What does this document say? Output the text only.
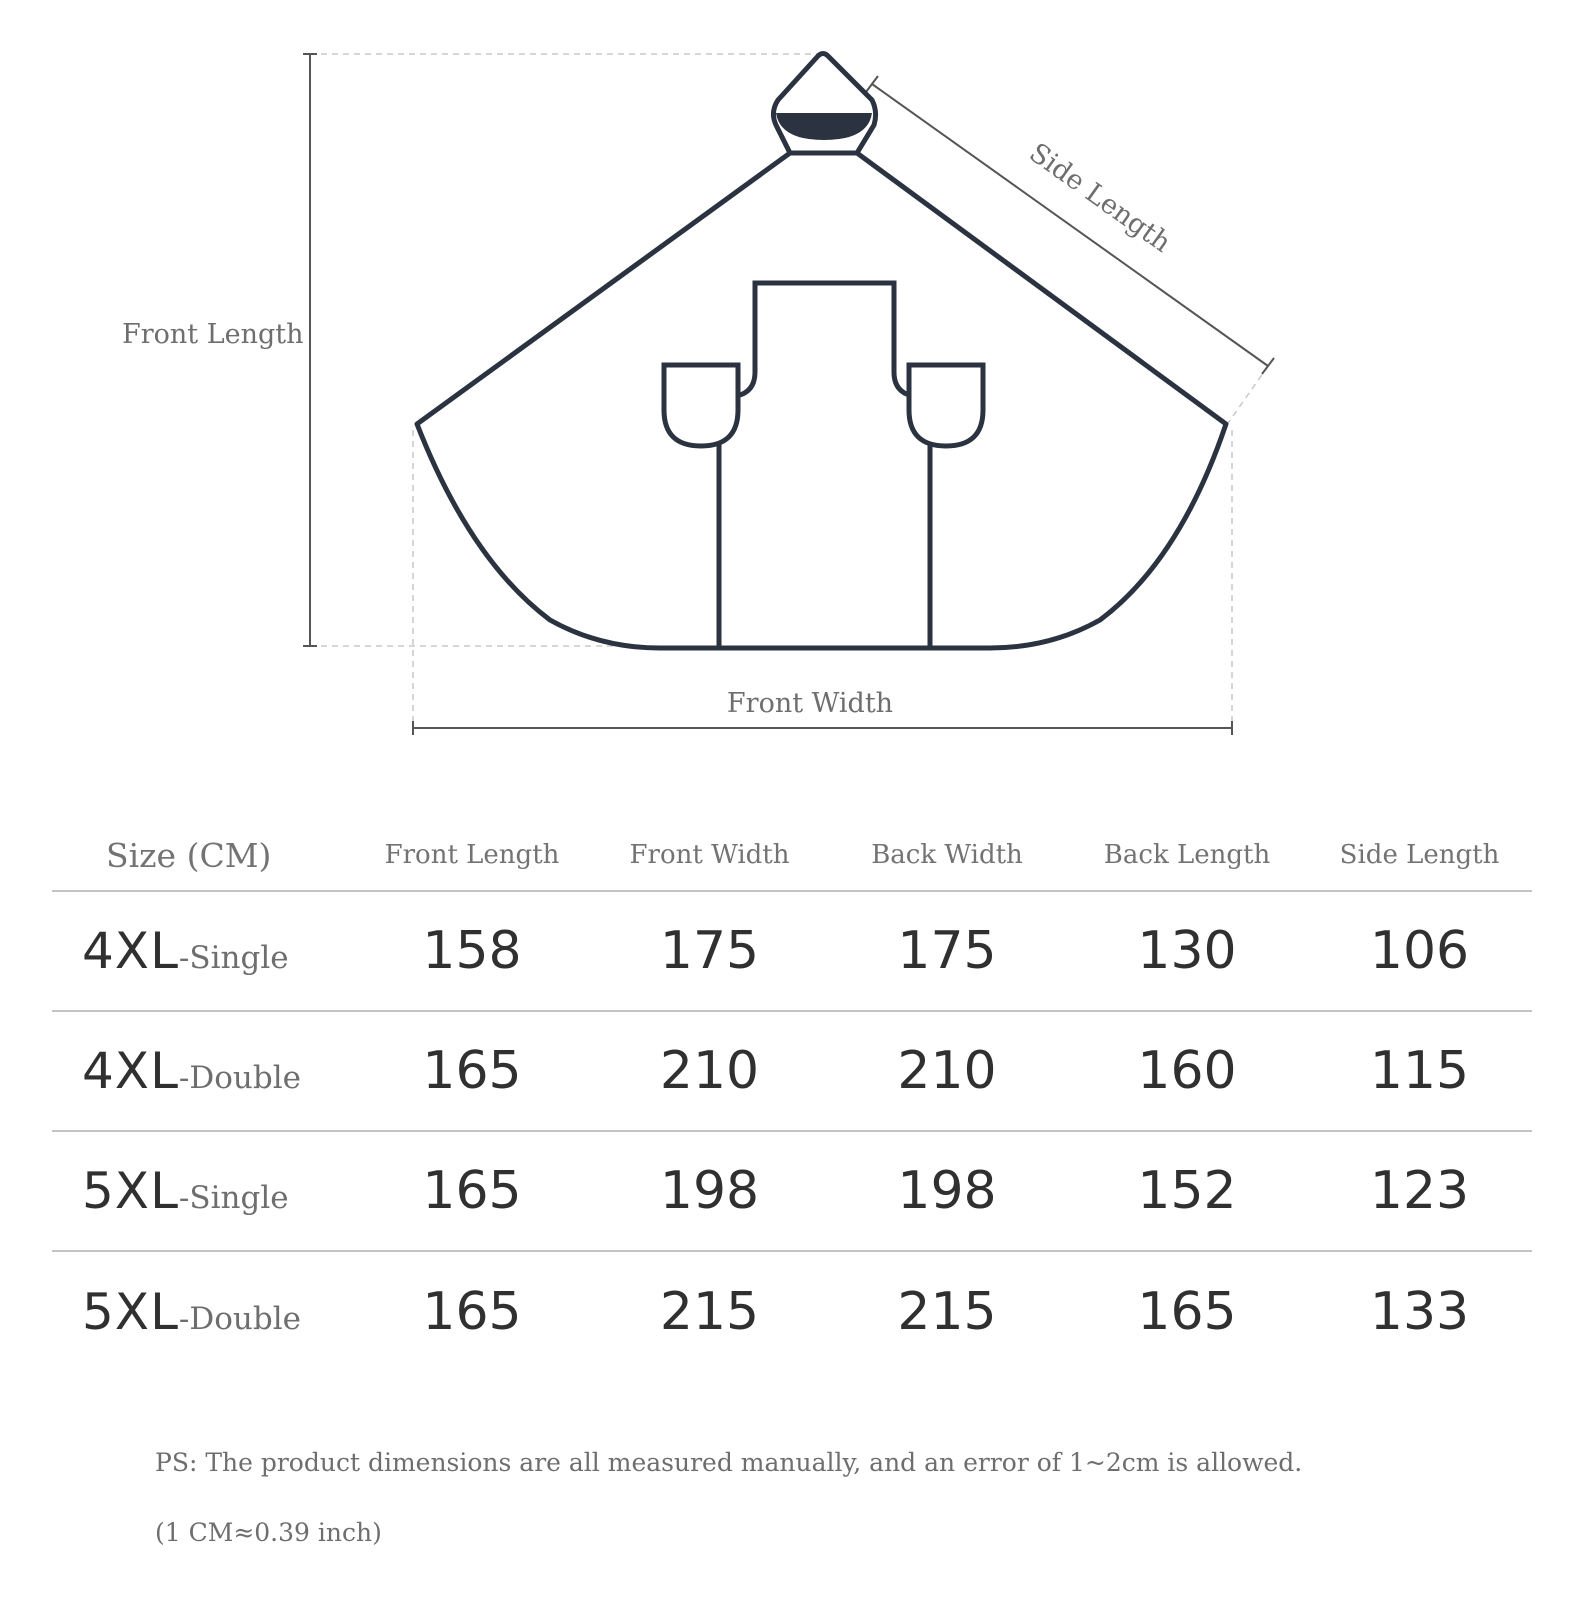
Front Length
Front Width
Side Length
Size (CM)	Front Length	Front Width	Back Width	Back Length	Side Length
4XL-Single	158	175	175	130	106
4XL-Double	165	210	210	160	115
5XL-Single	165	198	198	152	123
5XL-Double	165	215	215	165	133
PS: The product dimensions are all measured manually, and an error of 1~2cm is allowed.
(1 CM≈0.39 inch)
